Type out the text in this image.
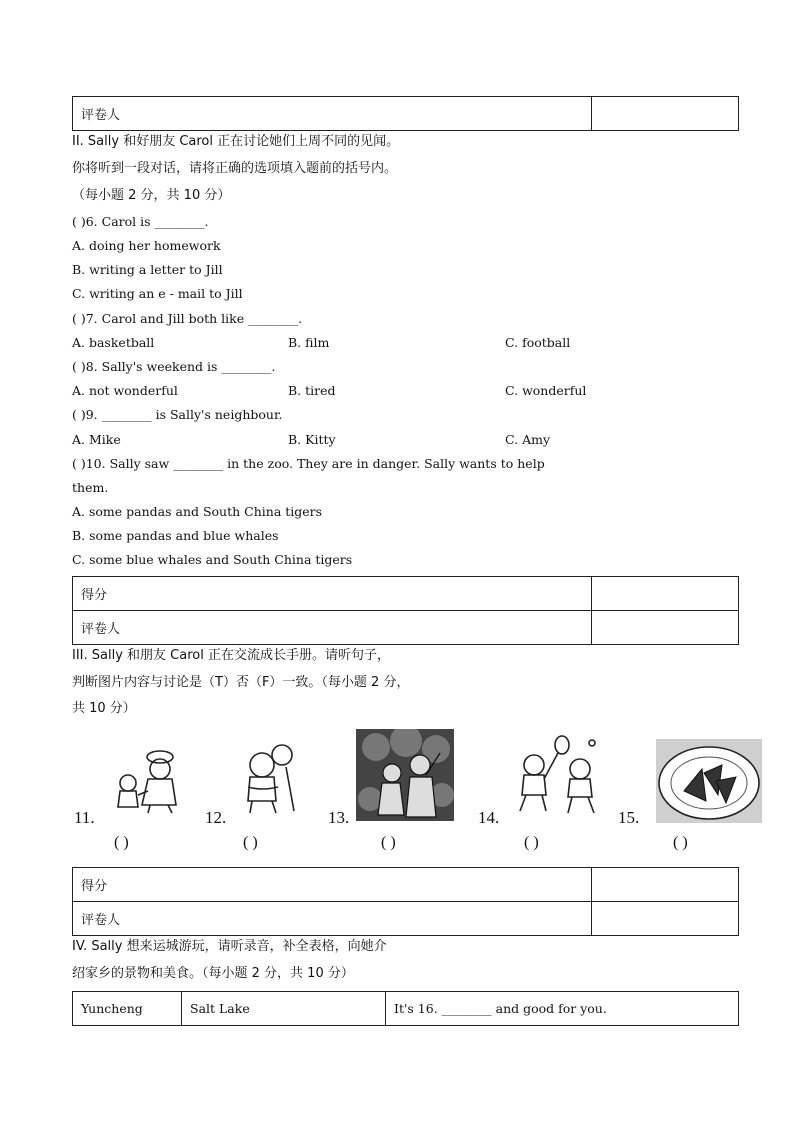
评卷人	
II. Sally 和好朋友 Carol 正在讨论她们上周不同的见闻。
你将听到一段对话，请将正确的选项填入题前的括号内。
（每小题 2 分，共 10 分）
( )6. Carol is ________.
A. doing her homework
B. writing a letter to Jill
C. writing an e - mail to Jill
( )7. Carol and Jill both like ________.
A. basketball	B. film	C. football
( )8. Sally's weekend is ________.
A. not wonderful	B. tired	C. wonderful
( )9. ________ is Sally's neighbour.
A. Mike	B. Kitty	C. Amy
( )10. Sally saw ________ in the zoo. They are in danger. Sally wants to help
them.
A. some pandas and South China tigers
B. some pandas and blue whales
C. some blue whales and South China tigers
得分	
评卷人	
III. Sally 和朋友 Carol 正在交流成长手册。请听句子，
判断图片内容与讨论是（T）否（F）一致。（每小题 2 分，
共 10 分）
11.
( )
12.
( )
13.
( )
14.
( )
15.
( )
得分	
评卷人	
IV. Sally 想来运城游玩，请听录音，补全表格，向她介
绍家乡的景物和美食。（每小题 2 分，共 10 分）
Yuncheng	Salt Lake	It's 16. ________ and good for you.
